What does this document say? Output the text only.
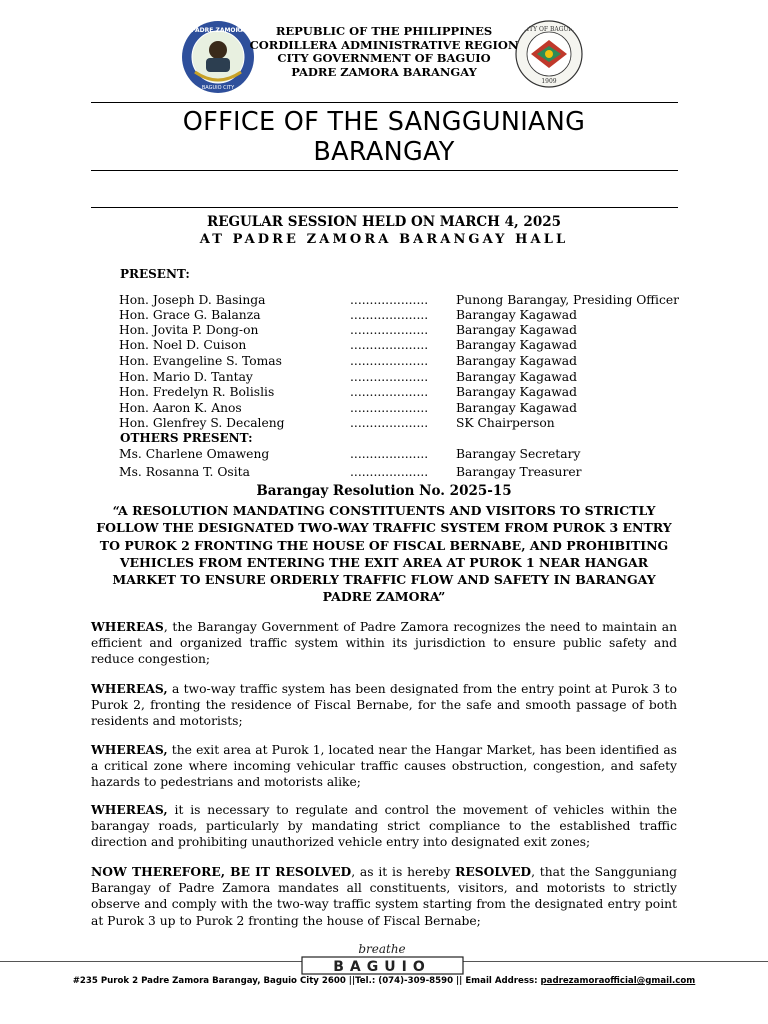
PADRE ZAMORA
BAGUIO CITY
CITY OF BAGUIO
1909
REPUBLIC OF THE PHILIPPINES
CORDILLERA ADMINISTRATIVE REGION
CITY GOVERNMENT OF BAGUIO
PADRE ZAMORA BARANGAY
OFFICE OF THE SANGGUNIANG
BARANGAY
REGULAR SESSION HELD ON MARCH 4, 2025
AT PADRE ZAMORA BARANGAY HALL
PRESENT:
Hon. Joseph D. Basinga	.................... Punong Barangay, Presiding Officer
Hon. Grace G. Balanza	.................... Barangay Kagawad
Hon. Jovita P. Dong-on	.................... Barangay Kagawad
Hon. Noel D. Cuison	.................... Barangay Kagawad
Hon. Evangeline S. Tomas	.................... Barangay Kagawad
Hon. Mario D. Tantay	.................... Barangay Kagawad
Hon. Fredelyn R. Bolislis	.................... Barangay Kagawad
Hon. Aaron K. Anos	.................... Barangay Kagawad
Hon. Glenfrey S. Decaleng	.................... SK Chairperson
Ms. Charlene Omaweng	.................... Barangay Secretary
Ms. Rosanna T. Osita	.................... Barangay Treasurer
OTHERS PRESENT:
Barangay Resolution No. 2025-15
“A RESOLUTION MANDATING CONSTITUENTS AND VISITORS TO STRICTLY FOLLOW THE DESIGNATED TWO-WAY TRAFFIC SYSTEM FROM PUROK 3 ENTRY TO PUROK 2 FRONTING THE HOUSE OF FISCAL BERNABE, AND PROHIBITING VEHICLES FROM ENTERING THE EXIT AREA AT PUROK 1 NEAR HANGAR MARKET TO ENSURE ORDERLY TRAFFIC FLOW AND SAFETY IN BARANGAY PADRE ZAMORA”
WHEREAS, the Barangay Government of Padre Zamora recognizes the need to maintain an efficient and organized traffic system within its jurisdiction to ensure public safety and reduce congestion;
WHEREAS, a two-way traffic system has been designated from the entry point at Purok 3 to Purok 2, fronting the residence of Fiscal Bernabe, for the safe and smooth passage of both residents and motorists;
WHEREAS, the exit area at Purok 1, located near the Hangar Market, has been identified as a critical zone where incoming vehicular traffic causes obstruction, congestion, and safety hazards to pedestrians and motorists alike;
WHEREAS, it is necessary to regulate and control the movement of vehicles within the barangay roads, particularly by mandating strict compliance to the established traffic direction and prohibiting unauthorized vehicle entry into designated exit zones;
NOW THEREFORE, BE IT RESOLVED, as it is hereby RESOLVED, that the Sangguniang Barangay of Padre Zamora mandates all constituents, visitors, and motorists to strictly observe and comply with the two-way traffic system starting from the designated entry point at Purok 3 up to Purok 2 fronting the house of Fiscal Bernabe;
breathe
BAGUIO
#235 Purok 2 Padre Zamora Barangay, Baguio City 2600 ||Tel.: (074)-309-8590 || Email Address: padrezamoraofficial@gmail.com
